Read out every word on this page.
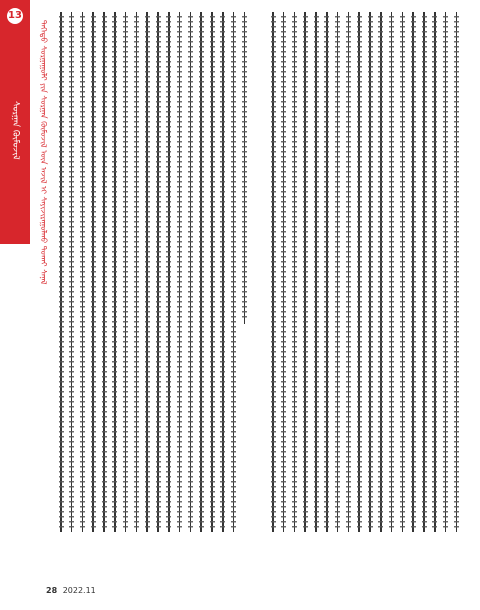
13
ᠰᠤᠷᠭᠠᠨ ᠬᠦᠮᠦᠵᠢᠯ	ᠳᠡᠭᠡᠳᠦ ᠰᠤᠷᠭᠠᠭᠤᠯᠢ ᠶᠢᠨ ᠰᠤᠷᠭᠠᠨ ᠬᠦᠮᠦᠵᠢᠯ ᠦᠨ ᠠᠵᠢᠯ ᠢ ᠰᠠᠶᠢᠵᠢᠷᠠᠭᠤᠯᠬᠤ ᠲᠤᠬᠠᠢ ᠰᠠᠨᠠᠯ
28 2022.11
